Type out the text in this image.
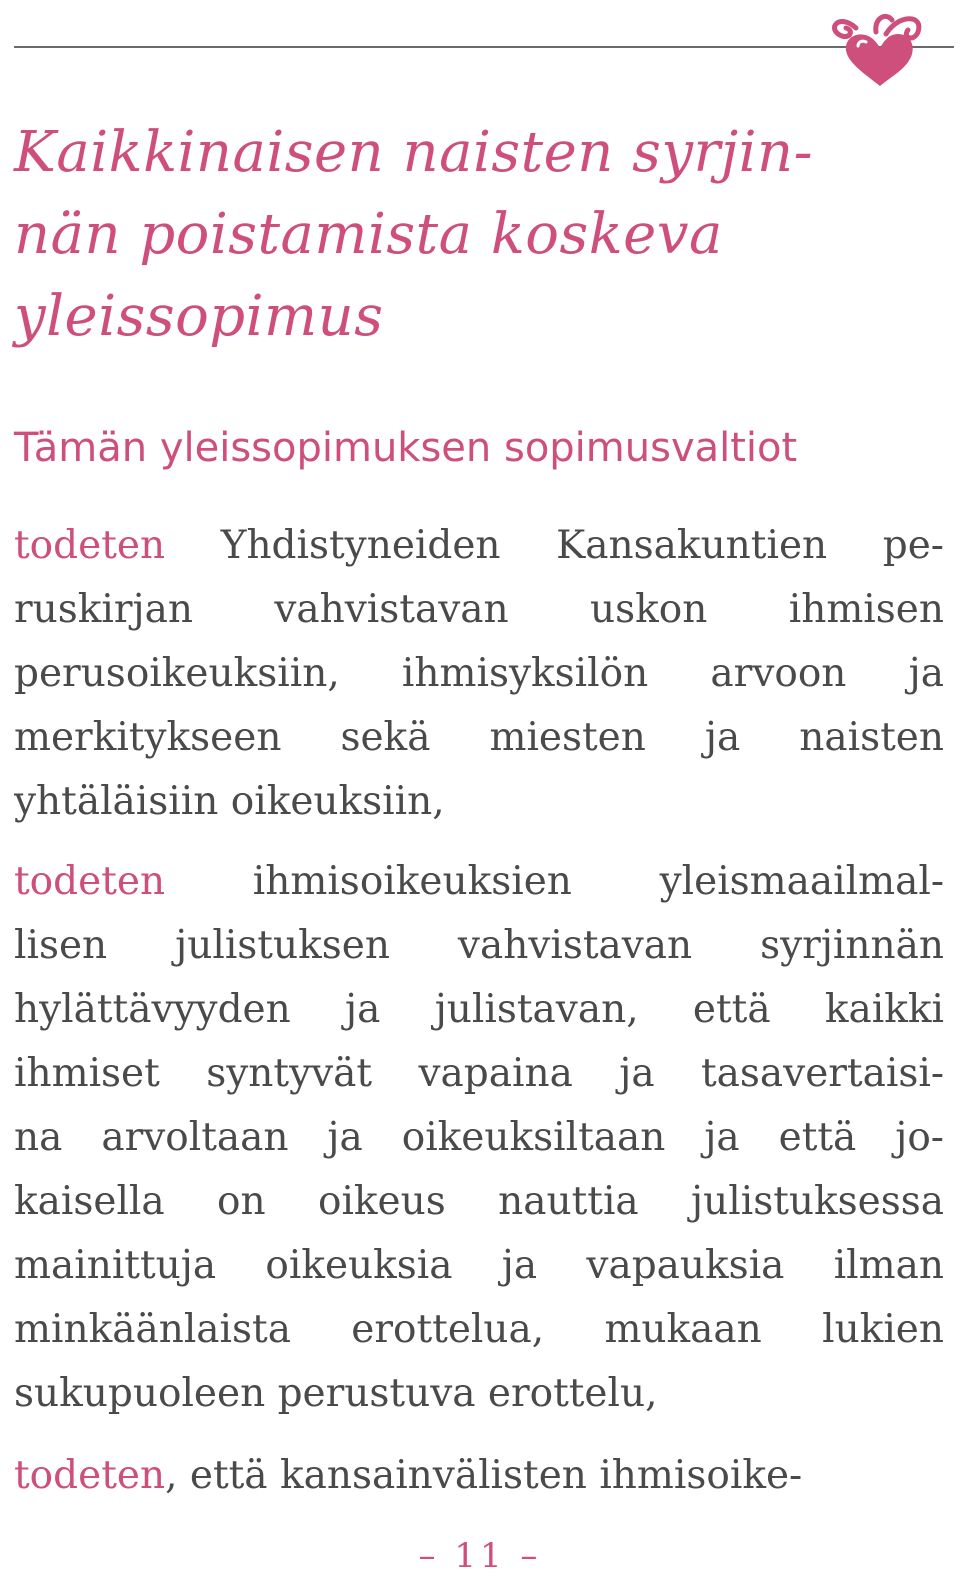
Kaikkinaisen naisten syrjin-
nän poistamista koskeva
yleissopimus

Tämän yleissopimuksen sopimusvaltiot

todeten Yhdistyneiden Kansakuntien pe-
ruskirjan vahvistavan uskon ihmisen
perusoikeuksiin, ihmisyksilön arvoon ja
merkitykseen sekä miesten ja naisten
yhtäläisiin oikeuksiin,
todeten ihmisoikeuksien yleismaailmal-
lisen julistuksen vahvistavan syrjinnän
hylättävyyden ja julistavan, että kaikki
ihmiset syntyvät vapaina ja tasavertaisi-
na arvoltaan ja oikeuksiltaan ja että jo-
kaisella on oikeus nauttia julistuksessa
mainittuja oikeuksia ja vapauksia ilman
minkäänlaista erottelua, mukaan lukien
sukupuoleen perustuva erottelu,
todeten, että kansainvälisten ihmisoike-
– 11 –
